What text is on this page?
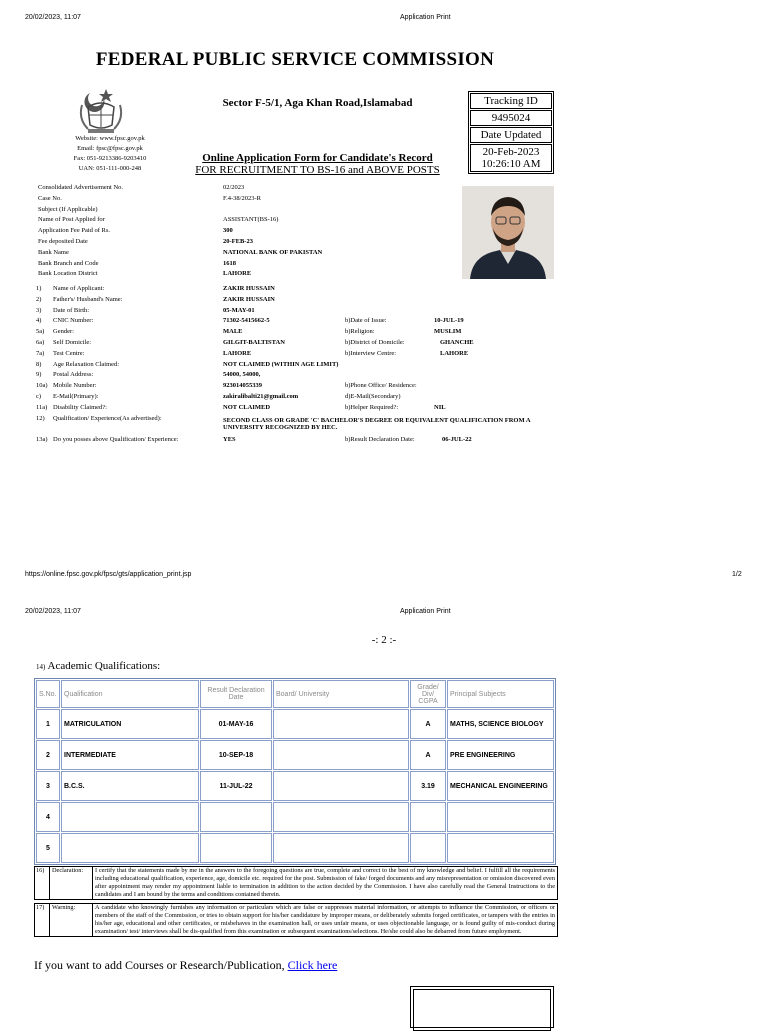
20/02/2023, 11:07	Application Print
FEDERAL PUBLIC SERVICE COMMISSION
Sector F-5/1, Aga Khan Road,Islamabad
Website: www.fpsc.gov.pk
Email: fpsc@fpsc.gov.pk
Fax: 051-9213386-9203410
UAN: 051-111-000-248
Tracking ID
9495024
Date Updated
20-Feb-2023
10:26:10 AM
Online Application Form for Candidate's Record
FOR RECRUITMENT TO BS-16 and ABOVE POSTS
Consolidated Advertisement No.	02/2023
Case No.	F.4-38/2023-R
Subject (If Applicable)
Name of Post Applied for	ASSISTANT(BS-16)
Application Fee Paid of Rs.	300
Fee deposited Date	20-FEB-23
Bank Name	NATIONAL BANK OF PAKISTAN
Bank Branch and Code	1618
Bank Location District	LAHORE
1) Name of Applicant:	ZAKIR HUSSAIN
2) Father's/ Husband's Name:	ZAKIR HUSSAIN
3) Date of Birth:	05-MAY-01
4) CNIC Number:	71302-5415662-5	b)Date of Issue:	10-JUL-19
5a) Gender:	MALE	b)Religion:	MUSLIM
6a) Self Domicile:	GILGIT-BALTISTAN	b)District of Domicile:	GHANCHE
7a) Test Centre:	LAHORE	b)Interview Centre:	LAHORE
8) Age Relaxation Claimed:	NOT CLAIMED (WITHIN AGE LIMIT)
9) Postal Address:	54000, 54000,
10a) Mobile Number:	923014055339	b)Phone Office/ Residence:
c) E-Mail(Primary):	zakiralibalti21@gmail.com	d)E-Mail(Secondary)
11a) Disability Claimed?:	NOT CLAIMED	b)Helper Required?:	NIL
12) Qualification/ Experience(As advertised):	SECOND CLASS OR GRADE 'C' BACHELOR'S DEGREE OR EQUIVALENT QUALIFICATION FROM A UNIVERSITY RECOGNIZED BY HEC.
13a) Do you posses above Qualification/ Experience:	YES	b)Result Declaration Date:	06-JUL-22
https://online.fpsc.gov.pk/fpsc/gts/application_print.jsp	1/2
20/02/2023, 11:07	Application Print
-: 2 :-
14) Academic Qualifications:
S.No.	Qualification	Result Declaration Date	Board/ University	Grade/ Div/ CGPA	Principal Subjects
1	MATRICULATION	01-MAY-16		A	MATHS, SCIENCE BIOLOGY
2	INTERMEDIATE	10-SEP-18		A	PRE ENGINEERING
3	B.C.S.	11-JUL-22		3.19	MECHANICAL ENGINEERING
4					
5					
16)	Declaration:	I certify that the statements made by me in the answers to the foregoing questions are true, complete and correct to the best of my knowledge and belief. I fulfill all the requirements including educational qualification, experience, age, domicile etc. required for the post. Submission of fake/ forged documents and any misrepresentation or omission discovered even after appointment may render my appointment liable to termination in addition to the action decided by the Commission. I have also carefully read the General Instructions to the candidates and I am bound by the terms and conditions contained therein.
17)	Warning:	A candidate who knowingly furnishes any information or particulars which are false or suppresses material information, or attempts to influence the Commission, or officers or members of the staff of the Commission, or tries to obtain support for his/her candidature by improper means, or deliberately submits forged certificates, or tampers with the entries in his/her age, educational and other certificates, or misbehaves in the examination hall, or uses unfair means, or uses objectionable language, or is found guilty of mis-conduct during examination/ test/ interviews shall be dis-qualified from this examination or subsequent examinations/selections. He/she could also be debarred from future employment.
If you want to add Courses or Research/Publication, Click here
